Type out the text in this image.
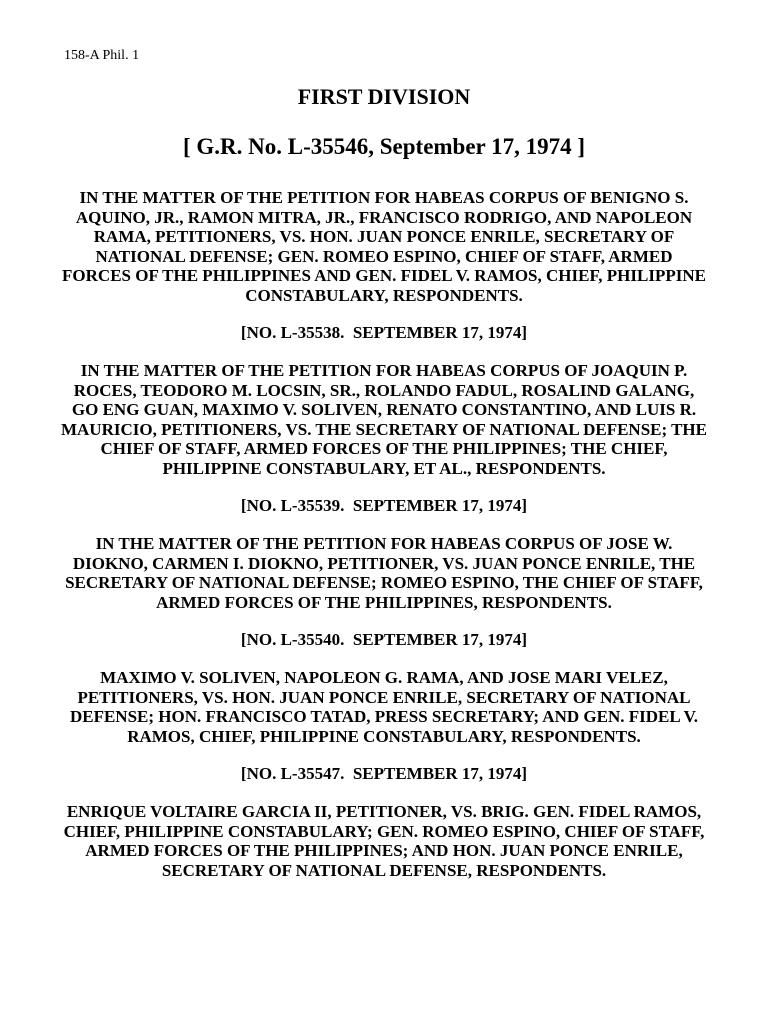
158-A Phil. 1
FIRST DIVISION
[ G.R. No. L-35546, September 17, 1974 ]

IN THE MATTER OF THE PETITION FOR HABEAS CORPUS OF BENIGNO S. AQUINO, JR., RAMON MITRA, JR., FRANCISCO RODRIGO, AND NAPOLEON RAMA, PETITIONERS, VS. HON. JUAN PONCE ENRILE, SECRETARY OF NATIONAL DEFENSE; GEN. ROMEO ESPINO, CHIEF OF STAFF, ARMED FORCES OF THE PHILIPPINES AND GEN. FIDEL V. RAMOS, CHIEF, PHILIPPINE CONSTABULARY, RESPONDENTS.

[NO. L-35538.  SEPTEMBER 17, 1974]

IN THE MATTER OF THE PETITION FOR HABEAS CORPUS OF JOAQUIN P. ROCES, TEODORO M. LOCSIN, SR., ROLANDO FADUL, ROSALIND GALANG, GO ENG GUAN, MAXIMO V. SOLIVEN, RENATO CONSTANTINO, AND LUIS R. MAURICIO, PETITIONERS, VS. THE SECRETARY OF NATIONAL DEFENSE; THE CHIEF OF STAFF, ARMED FORCES OF THE PHILIPPINES; THE CHIEF, PHILIPPINE CONSTABULARY, ET AL., RESPONDENTS.

[NO. L-35539.  SEPTEMBER 17, 1974]

IN THE MATTER OF THE PETITION FOR HABEAS CORPUS OF JOSE W. DIOKNO, CARMEN I. DIOKNO, PETITIONER, VS. JUAN PONCE ENRILE, THE SECRETARY OF NATIONAL DEFENSE; ROMEO ESPINO, THE CHIEF OF STAFF, ARMED FORCES OF THE PHILIPPINES, RESPONDENTS.

[NO. L-35540.  SEPTEMBER 17, 1974]

MAXIMO V. SOLIVEN, NAPOLEON G. RAMA, AND JOSE MARI VELEZ, PETITIONERS, VS. HON. JUAN PONCE ENRILE, SECRETARY OF NATIONAL DEFENSE; HON. FRANCISCO TATAD, PRESS SECRETARY; AND GEN. FIDEL V. RAMOS, CHIEF, PHILIPPINE CONSTABULARY, RESPONDENTS.

[NO. L-35547.  SEPTEMBER 17, 1974]

ENRIQUE VOLTAIRE GARCIA II, PETITIONER, VS. BRIG. GEN. FIDEL RAMOS, CHIEF, PHILIPPINE CONSTABULARY; GEN. ROMEO ESPINO, CHIEF OF STAFF, ARMED FORCES OF THE PHILIPPINES; AND HON. JUAN PONCE ENRILE, SECRETARY OF NATIONAL DEFENSE, RESPONDENTS.
